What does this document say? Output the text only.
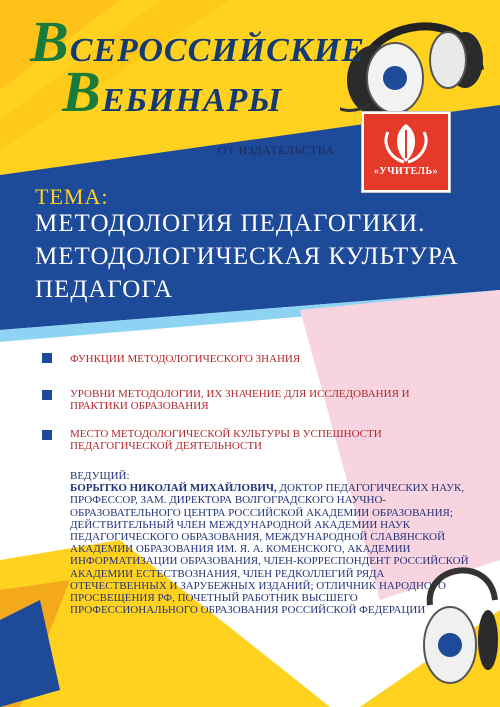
ВСЕРОССИЙСКИЕ
ВЕБИНАРЫ
ОТ ИЗДАТЕЛЬСТВА
«УЧИТЕЛЬ»
ТЕМА:
МЕТОДОЛОГИЯ ПЕДАГОГИКИ.
МЕТОДОЛОГИЧЕСКАЯ КУЛЬТУРА
ПЕДАГОГА
ФУНКЦИИ МЕТОДОЛОГИЧЕСКОГО ЗНАНИЯ
УРОВНИ МЕТОДОЛОГИИ, ИХ ЗНАЧЕНИЕ ДЛЯ ИССЛЕДОВАНИЯ И ПРАКТИКИ ОБРАЗОВАНИЯ
МЕСТО МЕТОДОЛОГИЧЕСКОЙ КУЛЬТУРЫ В УСПЕШНОСТИ ПЕДАГОГИЧЕСКОЙ ДЕЯТЕЛЬНОСТИ
ВЕДУЩИЙ:
БОРЫТКО НИКОЛАЙ МИХАЙЛОВИЧ, ДОКТОР ПЕДАГОГИЧЕСКИХ НАУК, ПРОФЕССОР, ЗАМ. ДИРЕКТОРА ВОЛГОГРАДСКОГО НАУЧНО-ОБРАЗОВАТЕЛЬНОГО ЦЕНТРА РОССИЙСКОЙ АКАДЕМИИ ОБРАЗОВАНИЯ; ДЕЙСТВИТЕЛЬНЫЙ ЧЛЕН МЕЖДУНАРОДНОЙ АКАДЕМИИ НАУК ПЕДАГОГИЧЕСКОГО ОБРАЗОВАНИЯ, МЕЖДУНАРОДНОЙ СЛАВЯНСКОЙ АКАДЕМИИ ОБРАЗОВАНИЯ ИМ. Я. А. КОМЕНСКОГО, АКАДЕМИИ ИНФОРМАТИЗАЦИИ ОБРАЗОВАНИЯ, ЧЛЕН-КОРРЕСПОНДЕНТ РОССИЙСКОЙ АКАДЕМИИ ЕСТЕСТВОЗНАНИЯ, ЧЛЕН РЕДКОЛЛЕГИЙ РЯДА ОТЕЧЕСТВЕННЫХ И ЗАРУБЕЖНЫХ ИЗДАНИЙ; ОТЛИЧНИК НАРОДНОГО ПРОСВЕЩЕНИЯ РФ, ПОЧЕТНЫЙ РАБОТНИК ВЫСШЕГО ПРОФЕССИОНАЛЬНОГО ОБРАЗОВАНИЯ РОССИЙСКОЙ ФЕДЕРАЦИИ
